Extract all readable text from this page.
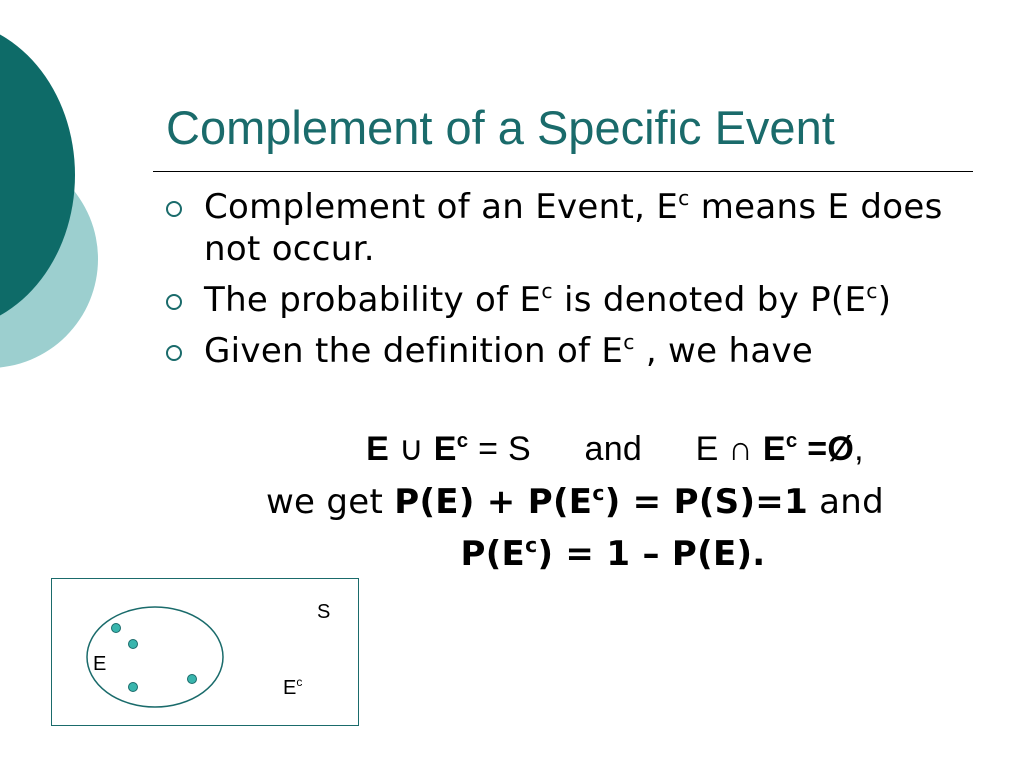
Complement of a Specific Event
Complement of an Event, $E^c$ means E does not occur.
The probability of $E^c$ is denoted by $P(E^c)$
Given the definition of $E^c$ , we have
E ∪ $E^c = S$ and E ∩ $E^c$ =Ø,
we get $P(E) + P(E^c) = P(S)=1$ and
$P(E^c) = 1 - P(E)$.
S
E
$E^c$
